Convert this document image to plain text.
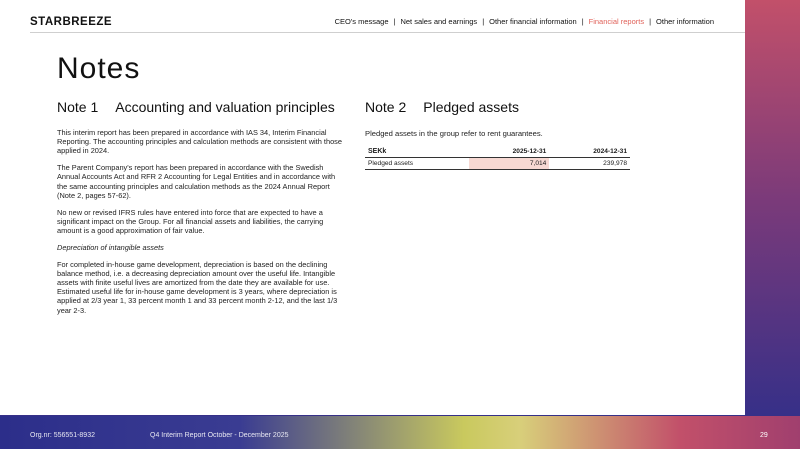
STARBREEZE	CEO's message | Net sales and earnings | Other financial information | Financial reports | Other information
Notes
Note 1 Accounting and valuation principles

This interim report has been prepared in accordance with IAS 34, Interim Financial Reporting. The accounting principles and calculation methods are consistent with those applied in 2024.

The Parent Company's report has been prepared in accordance with the Swedish Annual Accounts Act and RFR 2 Accounting for Legal Entities and in accordance with the same accounting principles and calculation methods as the 2024 Annual Report (Note 2, pages 57-62).

No new or revised IFRS rules have entered into force that are expected to have a significant impact on the Group. For all financial assets and liabilities, the carrying amount is a good approximation of fair value.

Depreciation of intangible assets

For completed in-house game development, depreciation is based on the declining balance method, i.e. a decreasing depreciation amount over the useful life. Intangible assets with finite useful lives are amortized from the date they are available for use. Estimated useful life for in-house game development is 3 years, where depreciation is applied at 2/3 year 1, 33 percent month 1 and 33 percent month 2-12, and the last 1/3 year 2-3.

Note 2 Pledged assets
Pledged assets in the group refer to rent guarantees.
SEKk	2025-12-31	2024-12-31
Pledged assets	7,014	239,978
Org.nr: 556551-8932	Q4 Interim Report October - December 2025	29
